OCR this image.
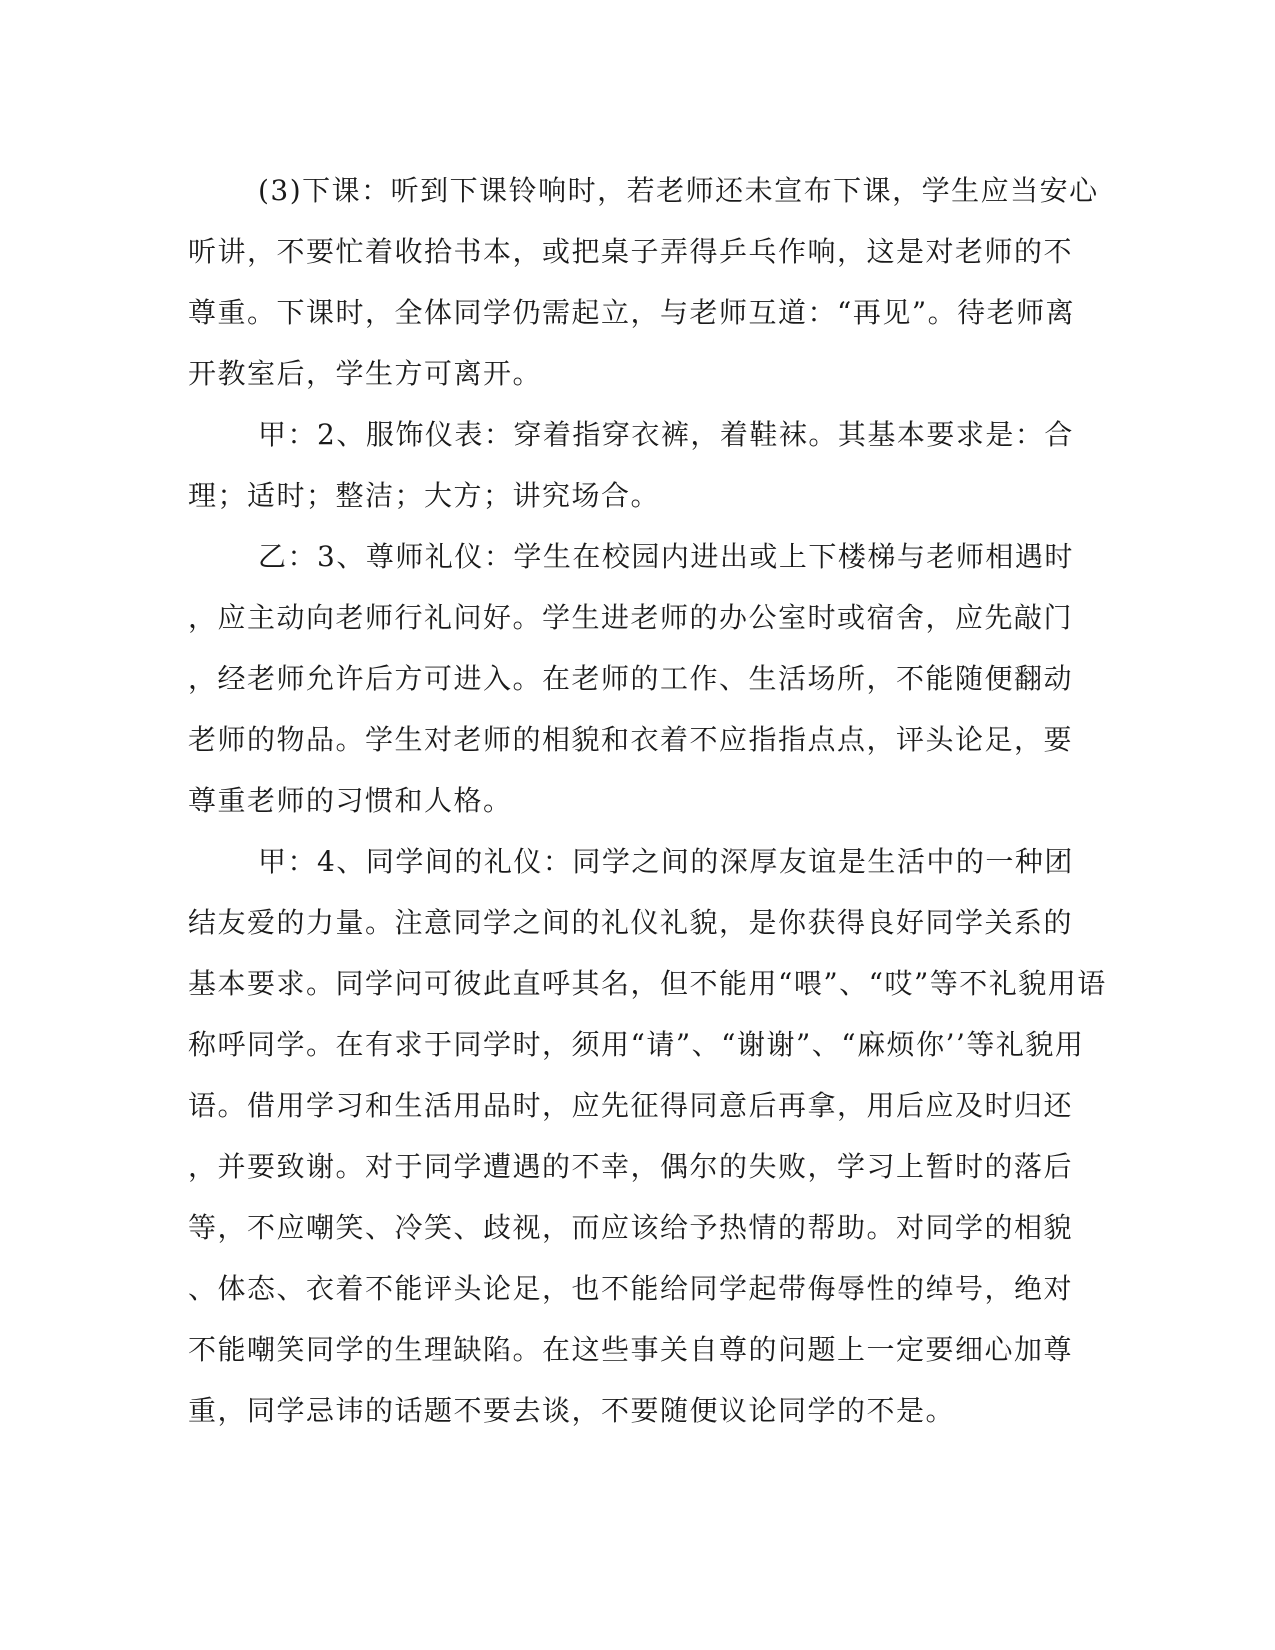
(3)下课：听到下课铃响时，若老师还未宣布下课，学生应当安心
听讲，不要忙着收拾书本，或把桌子弄得乒乓作响，这是对老师的不
尊重。下课时，全体同学仍需起立，与老师互道：“再见”。待老师离
开教室后，学生方可离开。
甲：2、服饰仪表：穿着指穿衣裤，着鞋袜。其基本要求是：合
理；适时；整洁；大方；讲究场合。
乙：3、尊师礼仪：学生在校园内进出或上下楼梯与老师相遇时
，应主动向老师行礼问好。学生进老师的办公室时或宿舍，应先敲门
，经老师允许后方可进入。在老师的工作、生活场所，不能随便翻动
老师的物品。学生对老师的相貌和衣着不应指指点点，评头论足，要
尊重老师的习惯和人格。
甲：4、同学间的礼仪：同学之间的深厚友谊是生活中的一种团
结友爱的力量。注意同学之间的礼仪礼貌，是你获得良好同学关系的
基本要求。同学问可彼此直呼其名，但不能用“喂”、“哎”等不礼貌用语
称呼同学。在有求于同学时，须用“请”、“谢谢”、“麻烦你’’等礼貌用
语。借用学习和生活用品时，应先征得同意后再拿，用后应及时归还
，并要致谢。对于同学遭遇的不幸，偶尔的失败，学习上暂时的落后
等，不应嘲笑、冷笑、歧视，而应该给予热情的帮助。对同学的相貌
、体态、衣着不能评头论足，也不能给同学起带侮辱性的绰号，绝对
不能嘲笑同学的生理缺陷。在这些事关自尊的问题上一定要细心加尊
重，同学忌讳的话题不要去谈，不要随便议论同学的不是。
